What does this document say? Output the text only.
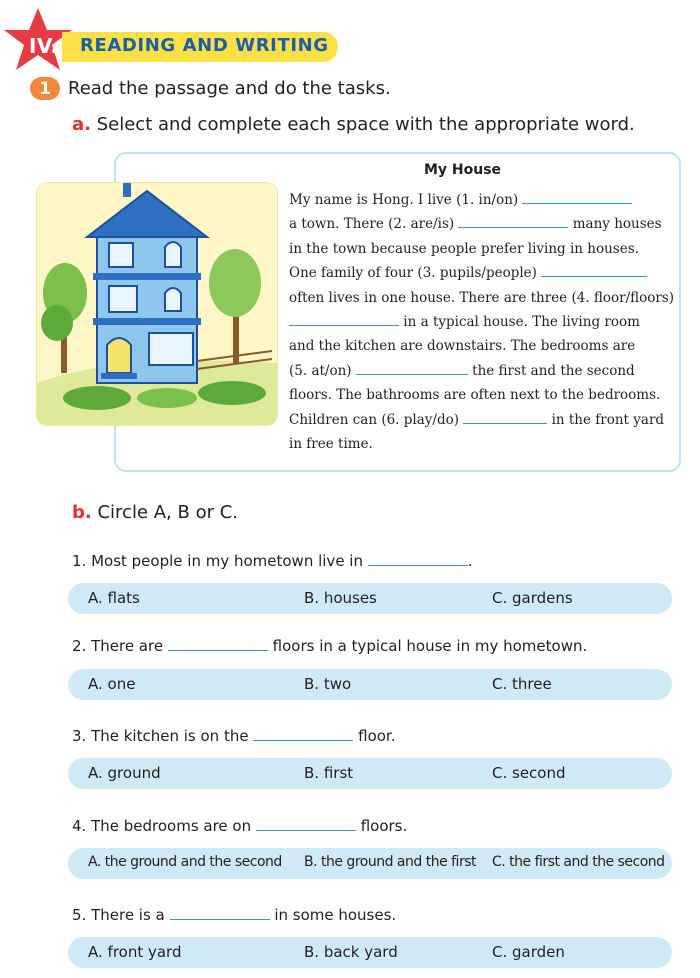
IV. READING AND WRITING
1 Read the passage and do the tasks.
a. Select and complete each space with the appropriate word.
My House
My name is Hong. I live (1. in/on)
a town. There (2. are/is)	many houses
in the town because people prefer living in houses.
One family of four (3. pupils/people)
often lives in one house. There are three (4. floor/floors)
in a typical house. The living room
and the kitchen are downstairs. The bedrooms are
(5. at/on)	the first and the second
floors. The bathrooms are often next to the bedrooms.
Children can (6. play/do)	in the front yard
in free time.
b. Circle A, B or C.
1. Most people in my hometown live in	.
A. flats	B. houses	C. gardens
2. There are	floors in a typical house in my hometown.
A. one	B. two	C. three
3. The kitchen is on the	floor.
A. ground	B. first	C. second
4. The bedrooms are on	floors.
A. the ground and the second B. the ground and the first C. the first and the second
5. There is a	in some houses.
A. front yard	B. back yard	C. garden
